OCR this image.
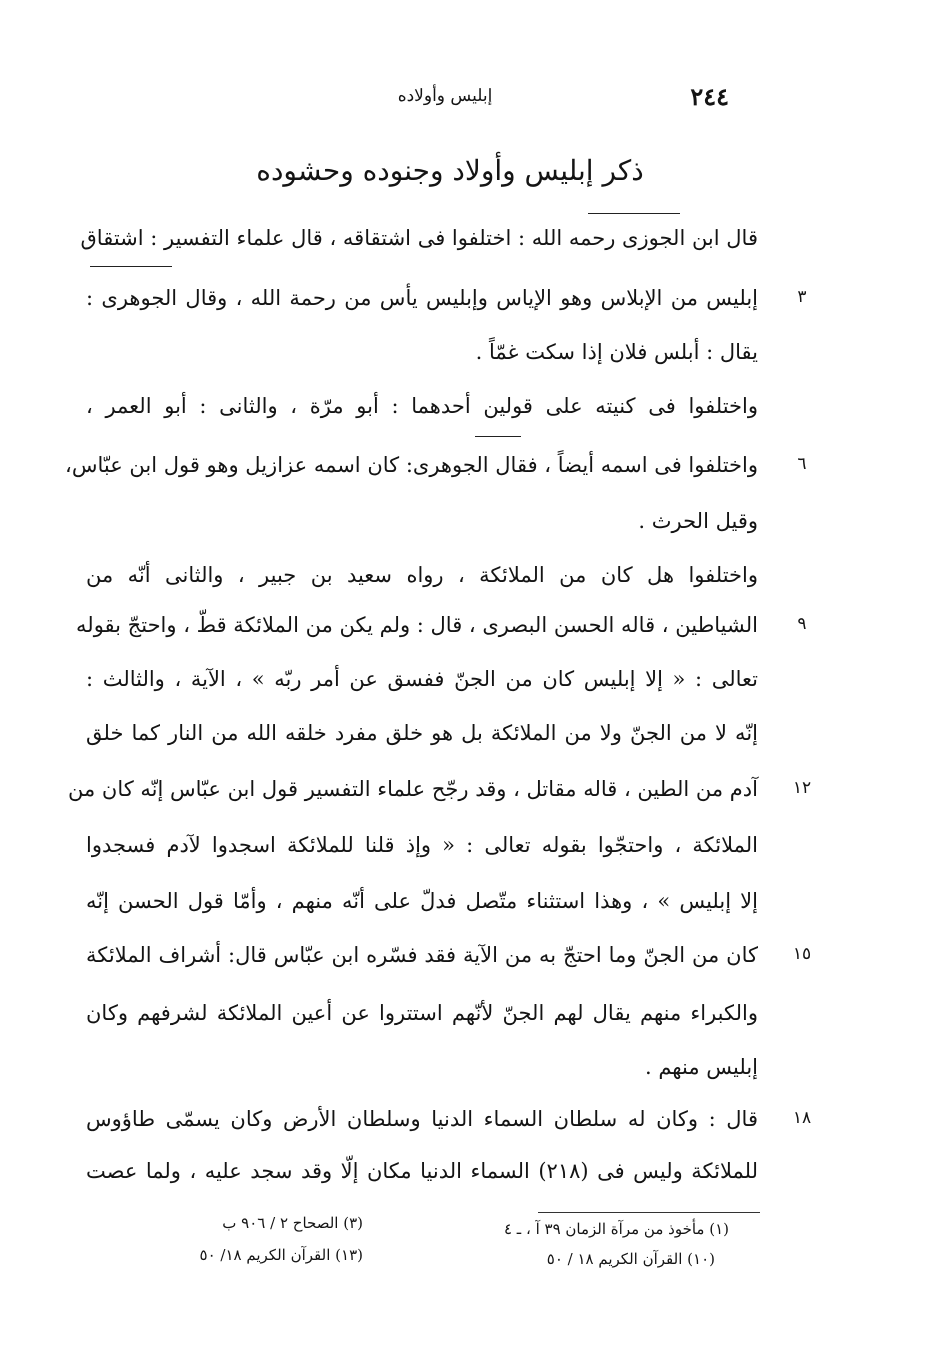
٢٤٤
إبليس وأولاده
ذكر إبليس وأولاد وجنوده وحشوده
قال ابن الجوزى رحمه الله : اختلفوا فى اشتقاقه ، قال علماء التفسير : اشتقاق
إبليس من الإبلاس وهو الإياس وإبليس يأس من رحمة الله ، وقال الجوهرى :
يقال : أبلس فلان إذا سكت غمّاً .
واختلفوا فى كنيته على قولين أحدهما : أبو مرّة ، والثانى : أبو العمر ،
واختلفوا فى اسمه أيضاً ، فقال الجوهرى: كان اسمه عزازيل وهو قول ابن عبّاس،
وقيل الحرث .
واختلفوا هل كان من الملائكة ، رواه سعيد بن جبير ، والثانى أنّه من
الشياطين ، قاله الحسن البصرى ، قال : ولم يكن من الملائكة قطّ ، واحتجّ بقوله
تعالى : « إلا إبليس كان من الجنّ ففسق عن أمر ربّه » ، الآية ، والثالث :
إنّه لا من الجنّ ولا من الملائكة بل هو خلق مفرد خلقه الله من النار كما خلق
آدم من الطين ، قاله مقاتل ، وقد رجّح علماء التفسير قول ابن عبّاس إنّه كان من
الملائكة ، واحتجّوا بقوله تعالى : « وإذ قلنا للملائكة اسجدوا لآدم فسجدوا
إلا إبليس » ، وهذا استثناء متّصل فدلّ على أنّه منهم ، وأمّا قول الحسن إنّه
كان من الجنّ وما احتجّ به من الآية فقد فسّره ابن عبّاس قال: أشراف الملائكة
والكبراء منهم يقال لهم الجنّ لأنّهم استتروا عن أعين الملائكة لشرفهم وكان
إبليس منهم .
قال : وكان له سلطان السماء الدنيا وسلطان الأرض وكان يسمّى طاؤوس
للملائكة وليس فى (٢١٨) السماء الدنيا مكان إلّا وقد سجد عليه ، ولما عصت
٣
٦
٩
١٢
١٥
١٨
(١) مأخوذ من مرآة الزمان ٣٩ آ ، ـ ٤
(٣) الصحاح ٢ / ٩٠٦ ب
(١٠) القرآن الكريم ١٨ / ٥٠
(١٣) القرآن الكريم ١٨/ ٥٠
